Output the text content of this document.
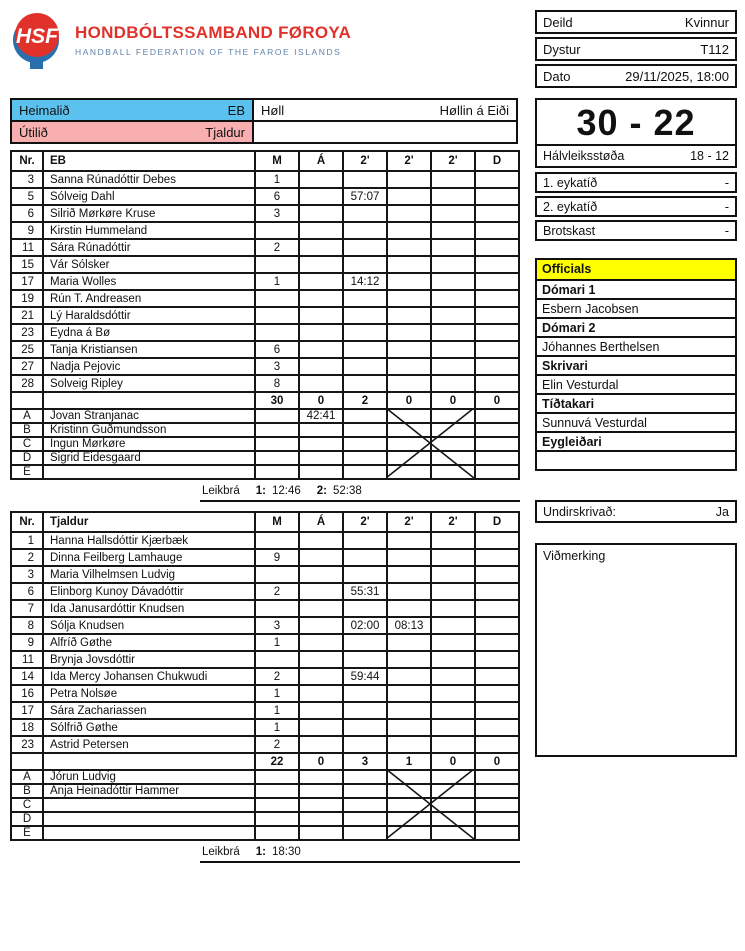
HSF HONDBÓLTSSAMBAND FØROYA
HANDBALL FEDERATION OF THE FAROE ISLANDS
Deild	Kvinnur
Dystur	T112
Dato	29/11/2025, 18:00
Heimalið	EB Høll	Høllin á Eiði
Útilið	Tjaldur
Nr.	EB	M	Á	2'	2'	2'	D
3	Sanna Rúnadóttir Debes	1					
5	Sólveig Dahl	6		57:07			
6	Silrið Mørkøre Kruse	3					
9	Kirstin Hummeland						
11	Sára Rúnadóttir	2					
15	Vár Sólsker						
17	Maria Wolles	1		14:12			
19	Rún T. Andreasen						
21	Lý Haraldsdóttir						
23	Eydna á Bø						
25	Tanja Kristiansen	6					
27	Nadja Pejovic	3					
28	Solveig Ripley	8					
		30	0	2	0	0	0
A	Jovan Stranjanac		42:41				
B	Kristinn Guðmundsson						
C	Ingun Mørkøre						
D	Sigrid Eidesgaard						
E							
Leikbrá 1: 12:46 2: 52:38
Nr.	Tjaldur	M	Á	2'	2'	2'	D
1	Hanna Hallsdóttir Kjærbæk						
2	Dinna Feilberg Lamhauge	9					
3	Maria Vilhelmsen Ludvig						
6	Elinborg Kunoy Dávadóttir	2		55:31			
7	Ida Janusardóttir Knudsen						
8	Sólja Knudsen	3		02:00	08:13		
9	Alfríð Gøthe	1					
11	Brynja Jovsdóttir						
14	Ida Mercy Johansen Chukwudi	2		59:44			
16	Petra Nolsøe	1					
17	Sára Zachariassen	1					
18	Sólfrið Gøthe	1					
23	Astrid Petersen	2					
		22	0	3	1	0	0
A	Jórun Ludvig						
B	Anja Heinadóttir Hammer						
C							
D							
E							
Leikbrá 1: 18:30
30 - 22
Hálvleiksstøða	18 - 12
1. eykatíð	-
2. eykatíð	-
Brotskast	-
Officials
Dómari 1
Esbern Jacobsen
Dómari 2
Jóhannes Berthelsen
Skrivari
Elin Vesturdal
Tíðtakari
Sunnuvá Vesturdal
Eygleiðari
Undirskrivað:	Ja
Viðmerking
